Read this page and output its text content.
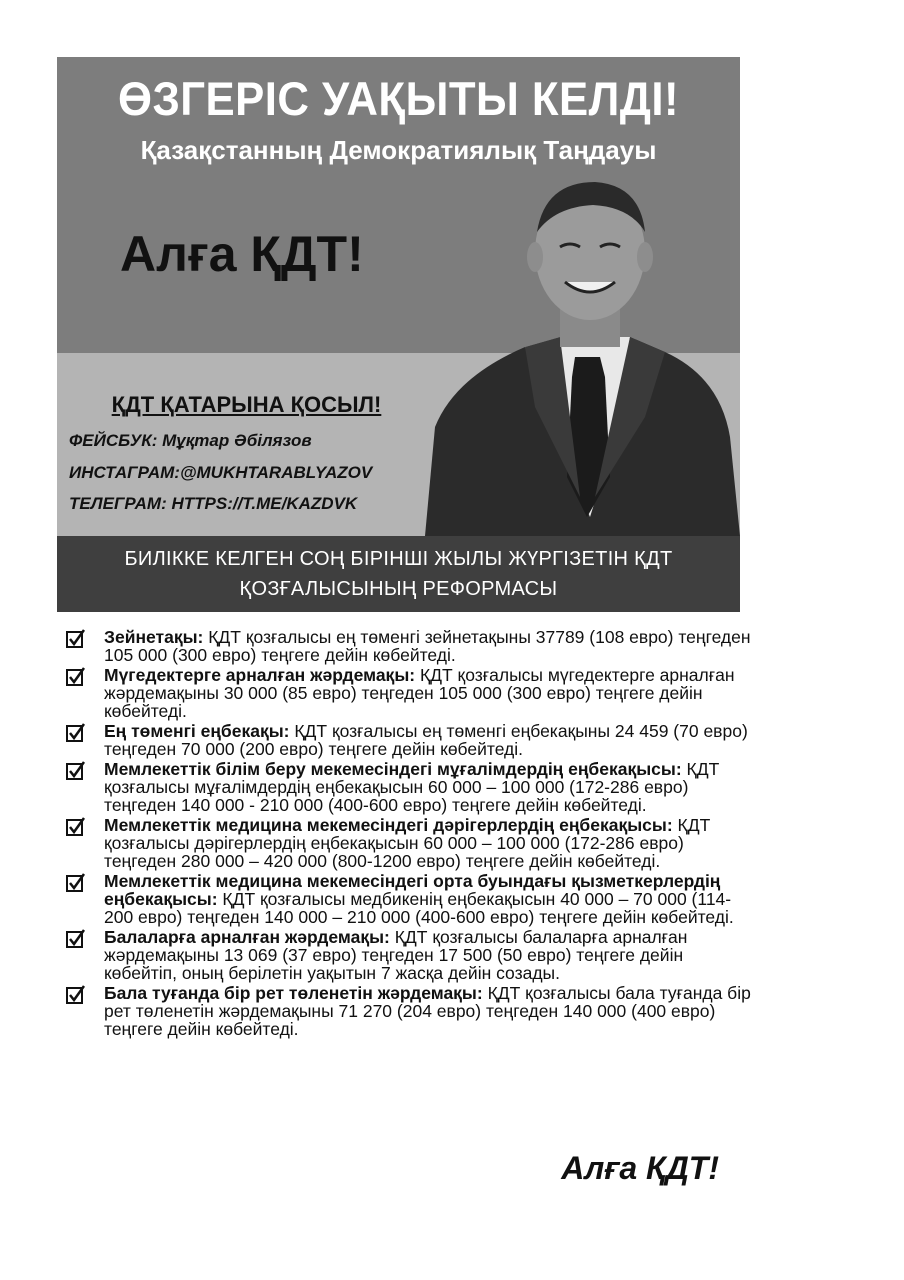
ӨЗГЕРІС УАҚЫТЫ КЕЛДІ!
Қазақстанның Демократиялық Таңдауы
Алға ҚДТ!
ҚДТ ҚАТАРЫНА ҚОСЫЛ!
ФЕЙСБУК: Мұқтар Әбілязов
ИНСТАГРАМ:@MUKHTARABLYAZOV
ТЕЛЕГРАМ: HTTPS://T.ME/KAZDVK
БИЛІККЕ КЕЛГЕН СОҢ БІРІНШІ ЖЫЛЫ ЖҮРГІЗЕТІН ҚДТ
ҚОЗҒАЛЫСЫНЫҢ РЕФОРМАСЫ
Зейнетақы: ҚДТ қозғалысы ең төменгі зейнетақыны 37789 (108 евро) теңгеден 105 000 (300 евро) теңгеге дейін көбейтеді.
Мүгедектерге арналған жәрдемақы: ҚДТ қозғалысы мүгедектерге арналған жәрдемақыны 30 000 (85 евро) теңгеден 105 000 (300 евро) теңгеге дейін көбейтеді.
Ең төменгі еңбекақы: ҚДТ қозғалысы ең төменгі еңбекақыны 24 459 (70 евро) теңгеден 70 000 (200 евро) теңгеге дейін көбейтеді.
Мемлекеттік білім беру мекемесіндегі мұғалімдердің еңбекақысы: ҚДТ қозғалысы мұғалімдердің еңбекақысын 60 000 – 100 000 (172-286 евро) теңгеден 140 000 - 210 000 (400-600 евро) теңгеге дейін көбейтеді.
Мемлекеттік медицина мекемесіндегі дәрігерлердің еңбекақысы: ҚДТ қозғалысы дәрігерлердің еңбекақысын 60 000 – 100 000 (172-286 евро) теңгеден 280 000 – 420 000 (800-1200 евро) теңгеге дейін көбейтеді.
Мемлекеттік медицина мекемесіндегі орта буындағы қызметкерлердің еңбекақысы: ҚДТ қозғалысы медбикенің еңбекақысын 40 000 – 70 000 (114-200 евро) теңгеден 140 000 – 210 000 (400-600 евро) теңгеге дейін көбейтеді.
Балаларға арналған жәрдемақы: ҚДТ қозғалысы балаларға арналған жәрдемақыны 13 069 (37 евро) теңгеден 17 500 (50 евро) теңгеге дейін көбейтіп, оның берілетін уақытын 7 жасқа дейін созады.
Бала туғанда бір рет төленетін жәрдемақы: ҚДТ қозғалысы бала туғанда бір рет төленетін жәрдемақыны 71 270 (204 евро) теңгеден 140 000 (400 евро) теңгеге дейін көбейтеді.
Алға ҚДТ!
